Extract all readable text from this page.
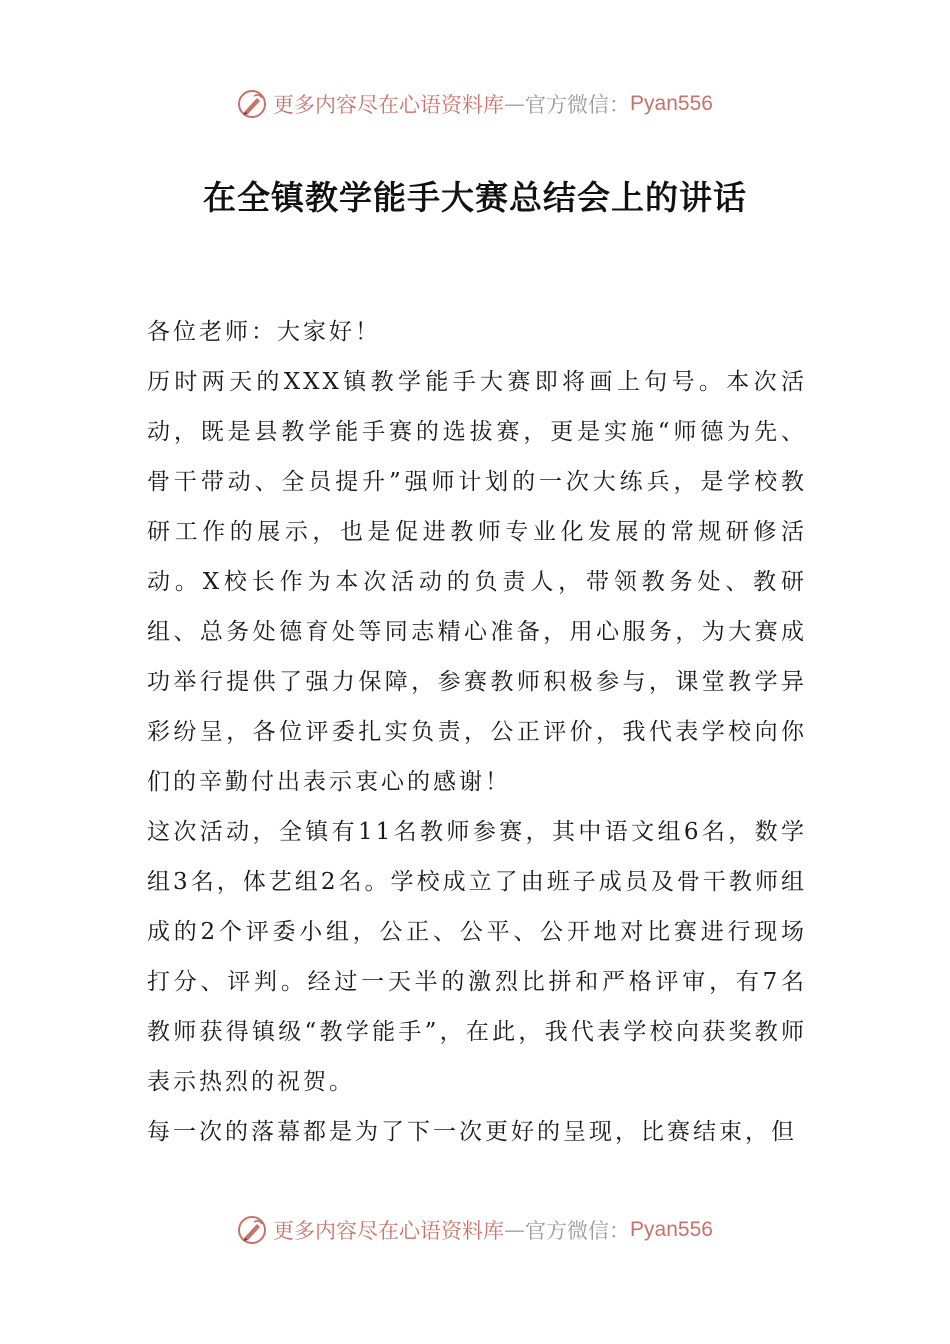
更多内容尽在心语资料库 — 官方微信： Pyan556
在全镇教学能手大赛总结会上的讲话

各位老师：大家好！

历时两天的XXX镇教学能手大赛即将画上句号。本次活动，既是县教学能手赛的选拔赛，更是实施“师德为先、骨干带动、全员提升”强师计划的一次大练兵，是学校教研工作的展示，也是促进教师专业化发展的常规研修活动。X校长作为本次活动的负责人，带领教务处、教研组、总务处德育处等同志精心准备，用心服务，为大赛成功举行提供了强力保障，参赛教师积极参与，课堂教学异彩纷呈，各位评委扎实负责，公正评价，我代表学校向你们的辛勤付出表示衷心的感谢！

这次活动，全镇有11名教师参赛，其中语文组6名，数学组3名，体艺组2名。学校成立了由班子成员及骨干教师组成的2个评委小组，公正、公平、公开地对比赛进行现场打分、评判。经过一天半的激烈比拼和严格评审，有7名教师获得镇级“教学能手”，在此，我代表学校向获奖教师表示热烈的祝贺。

每一次的落幕都是为了下一次更好的呈现，比赛结束，但

更多内容尽在心语资料库 — 官方微信： Pyan556
